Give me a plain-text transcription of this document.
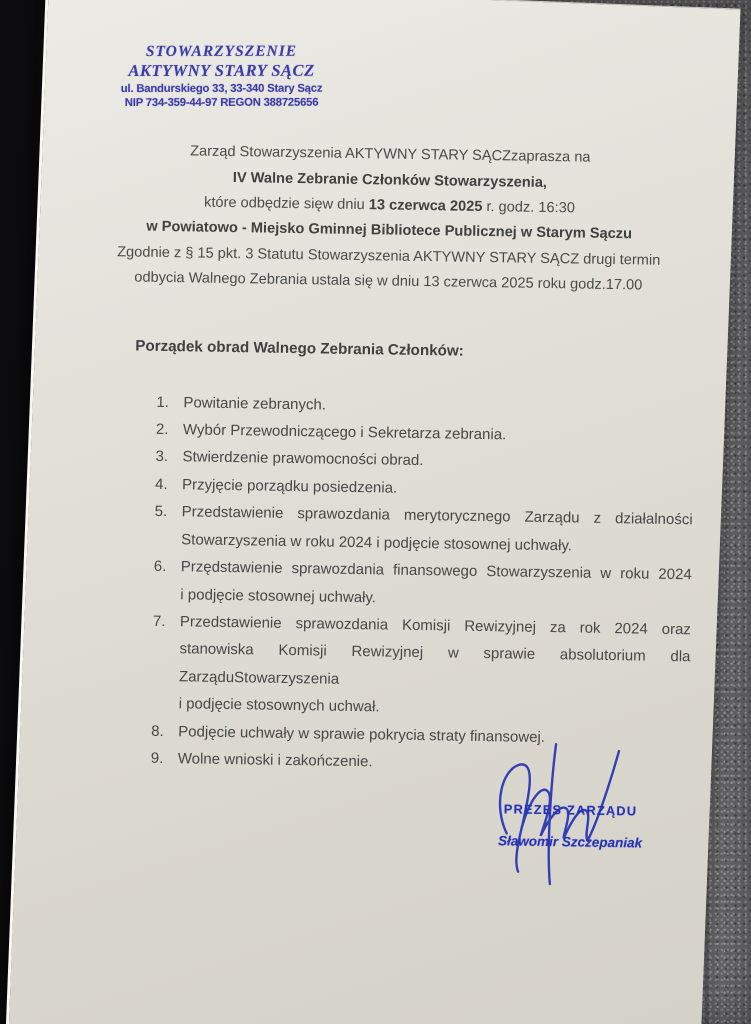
STOWARZYSZENIE
AKTYWNY STARY SĄCZ
ul. Bandurskiego 33, 33-340 Stary Sącz
NIP 734-359-44-97 REGON 388725656
Zarząd Stowarzyszenia AKTYWNY STARY SĄCZzaprasza na
IV Walne Zebranie Członków Stowarzyszenia,
które odbędzie sięw dniu 13 czerwca 2025 r. godz. 16:30
w Powiatowo - Miejsko Gminnej Bibliotece Publicznej w Starym Sączu
Zgodnie z § 15 pkt. 3 Statutu Stowarzyszenia AKTYWNY STARY SĄCZ drugi termin
odbycia Walnego Zebrania ustala się w dniu 13 czerwca 2025 roku godz.17.00
Porządek obrad Walnego Zebrania Członków:
1. Powitanie zebranych.
2. Wybór Przewodniczącego i Sekretarza zebrania.
3. Stwierdzenie prawomocności obrad.
4. Przyjęcie porządku posiedzenia.
5. Przedstawienie sprawozdania merytorycznego Zarządu z działalności
Stowarzyszenia w roku 2024 i podjęcie stosownej uchwały.
6. Przędstawienie sprawozdania finansowego Stowarzyszenia w roku 2024
i podjęcie stosownej uchwały.
7. Przedstawienie sprawozdania Komisji Rewizyjnej za rok 2024 oraz
stanowiska Komisji Rewizyjnej w sprawie absolutorium dla
ZarząduStowarzyszenia
i podjęcie stosownych uchwał.
8. Podjęcie uchwały w sprawie pokrycia straty finansowej.
9. Wolne wnioski i zakończenie.
PREZES ZARZĄDU
Sławomir Szczepaniak
